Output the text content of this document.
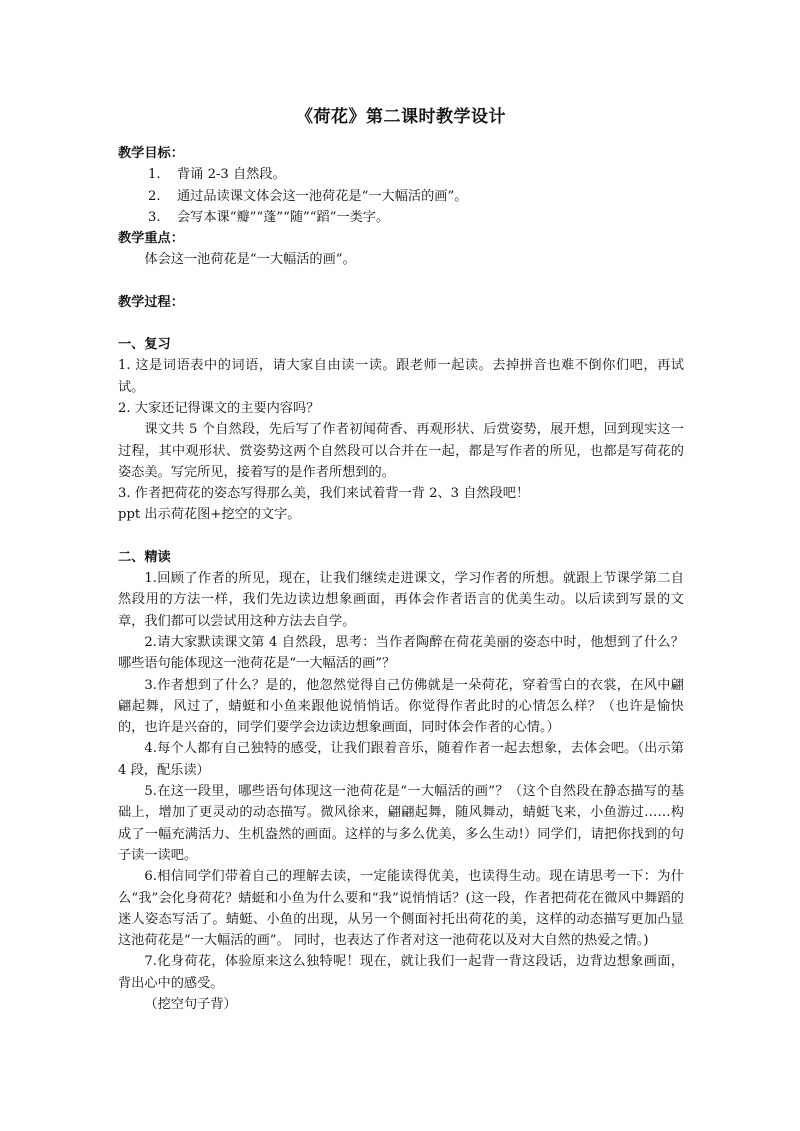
《荷花》第二课时教学设计

教学目标：

1. 背诵 2-3 自然段。

2. 通过品读课文体会这一池荷花是“一大幅活的画”。

3. 会写本课“瓣”“蓬”“随”“蹈”一类字。

教学重点：

体会这一池荷花是“一大幅活的画”。

教学过程：

一、复习

1. 这是词语表中的词语，请大家自由读一读。跟老师一起读。去掉拼音也难不倒你们吧，再试试。

2. 大家还记得课文的主要内容吗？

课文共 5 个自然段，先后写了作者初闻荷香、再观形状、后赏姿势，展开想，回到现实这一过程，其中观形状、赏姿势这两个自然段可以合并在一起，都是写作者的所见，也都是写荷花的姿态美。写完所见，接着写的是作者所想到的。

3. 作者把荷花的姿态写得那么美，我们来试着背一背 2、3 自然段吧！

ppt 出示荷花图+挖空的文字。

二、精读

1.回顾了作者的所见，现在，让我们继续走进课文，学习作者的所想。就跟上节课学第二自然段用的方法一样，我们先边读边想象画面，再体会作者语言的优美生动。以后读到写景的文章，我们都可以尝试用这种方法去自学。

2.请大家默读课文第 4 自然段，思考：当作者陶醉在荷花美丽的姿态中时，他想到了什么？哪些语句能体现这一池荷花是“一大幅活的画”？

3.作者想到了什么？是的，他忽然觉得自己仿佛就是一朵荷花，穿着雪白的衣裳，在风中翩翩起舞，风过了，蜻蜓和小鱼来跟他说悄悄话。你觉得作者此时的心情怎么样？（也许是愉快的，也许是兴奋的，同学们要学会边读边想象画面，同时体会作者的心情。）

4.每个人都有自己独特的感受，让我们跟着音乐，随着作者一起去想象，去体会吧。（出示第 4 段，配乐读）

5.在这一段里，哪些语句体现这一池荷花是“一大幅活的画”？（这个自然段在静态描写的基础上，增加了更灵动的动态描写。微风徐来，翩翩起舞，随风舞动，蜻蜓飞来，小鱼游过……构成了一幅充满活力、生机盎然的画面。这样的与多么优美，多么生动!）同学们，请把你找到的句子读一读吧。

6.相信同学们带着自己的理解去读，一定能读得优美，也读得生动。现在请思考一下：为什么“我”会化身荷花？蜻蜓和小鱼为什么要和“我”说悄悄话？(这一段，作者把荷花在微风中舞蹈的迷人姿态写活了。蜻蜓、小鱼的出现，从另一个侧面衬托出荷花的美，这样的动态描写更加凸显这池荷花是“一大幅活的画”。 同时，也表达了作者对这一池荷花以及对大自然的热爱之情。)

7.化身荷花，体验原来这么独特呢！现在，就让我们一起背一背这段话，边背边想象画面，背出心中的感受。

（挖空句子背）
